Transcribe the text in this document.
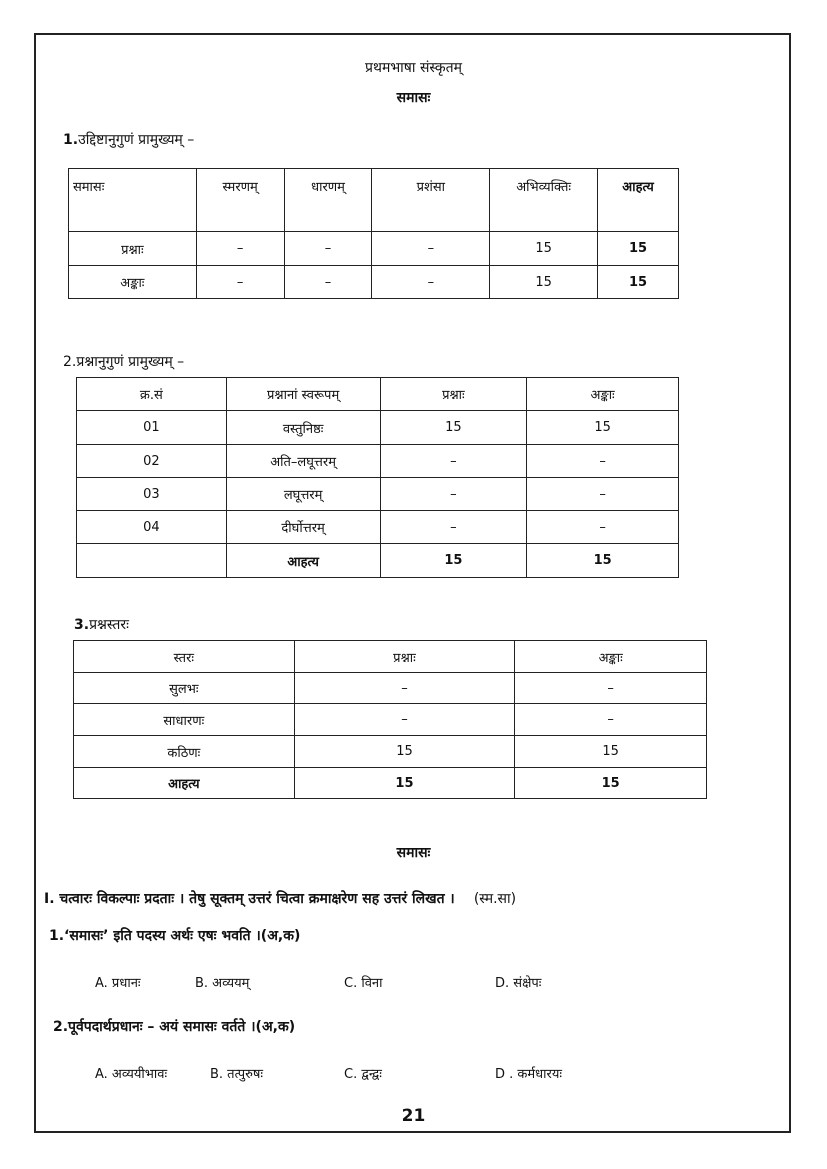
प्रथमभाषा संस्कृतम्
समासः
1.उद्दिष्टानुगुणं प्रामुख्यम् –
समासः	स्मरणम्	धारणम्	प्रशंसा	अभिव्यक्तिः	आहत्य
प्रश्नाः	–	–	–	15	15
अङ्काः	–	–	–	15	15
2.प्रश्नानुगुणं प्रामुख्यम् –
क्र.सं	प्रश्नानां स्वरूपम्	प्रश्नाः	अङ्काः
01	वस्तुनिष्ठः	15	15
02	अति–लघूत्तरम्	–	–
03	लघूत्तरम्	–	–
04	दीर्घोत्तरम्	–	–
	आहत्य	15	15
3.प्रश्नस्तरः
स्तरः	प्रश्नाः	अङ्काः
सुलभः	–	–
साधारणः	–	–
कठिणः	15	15
आहत्य	15	15
समासः
I. चत्वारः विकल्पाः प्रदताः । तेषु सूक्तम् उत्तरं चित्वा क्रमाक्षरेण सह उत्तरं लिखत । (स्म.सा)
1.‘समासः’ इति पदस्य अर्थः एषः भवति ।(अ,क)
A. प्रधानः	B. अव्ययम्	C. विना	D. संक्षेपः
2.पूर्वपदार्थप्रधानः – अयं समासः वर्तते ।(अ,क)
A. अव्ययीभावः	B. तत्पुरुषः	C. द्वन्द्वः	D . कर्मधारयः
21
